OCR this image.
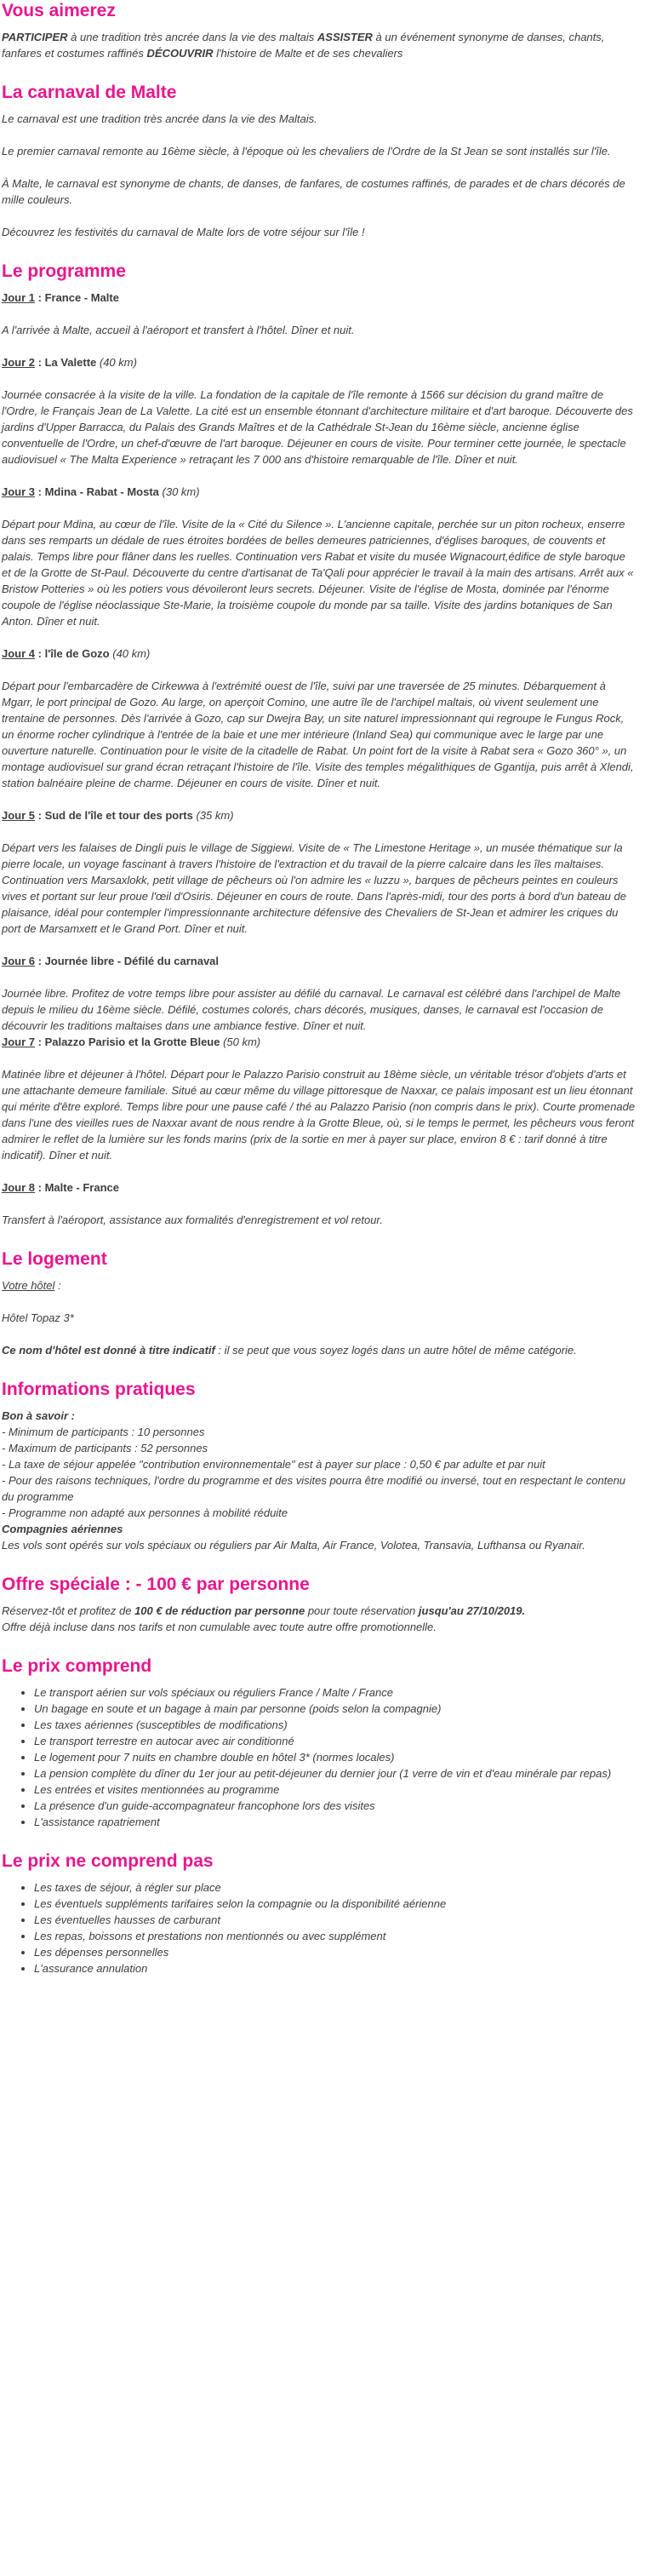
Vous aimerez

PARTICIPER à une tradition très ancrée dans la vie des maltais ASSISTER à un événement synonyme de danses, chants, fanfares et costumes raffinés DÉCOUVRIR l'histoire de Malte et de ses chevaliers

La carnaval de Malte

Le carnaval est une tradition très ancrée dans la vie des Maltais.

Le premier carnaval remonte au 16ème siècle, à l'époque où les chevaliers de l'Ordre de la St Jean se sont installés sur l'île.

À Malte, le carnaval est synonyme de chants, de danses, de fanfares, de costumes raffinés, de parades et de chars décorés de mille couleurs.

Découvrez les festivités du carnaval de Malte lors de votre séjour sur l'île !

Le programme

Jour 1 : France - Malte

A l'arrivée à Malte, accueil à l'aéroport et transfert à l'hôtel. Dîner et nuit.

Jour 2 : La Valette (40 km)

Journée consacrée à la visite de la ville. La fondation de la capitale de l'île remonte à 1566 sur décision du grand maître de l'Ordre, le Français Jean de La Valette. La cité est un ensemble étonnant d'architecture militaire et d'art baroque. Découverte des jardins d'Upper Barracca, du Palais des Grands Maîtres et de la Cathédrale St-Jean du 16ème siècle, ancienne église conventuelle de l'Ordre, un chef-d'œuvre de l'art baroque. Déjeuner en cours de visite. Pour terminer cette journée, le spectacle audiovisuel « The Malta Experience » retraçant les 7 000 ans d'histoire remarquable de l'île. Dîner et nuit.

Jour 3 : Mdina - Rabat - Mosta (30 km)

Départ pour Mdina, au cœur de l'île. Visite de la « Cité du Silence ». L'ancienne capitale, perchée sur un piton rocheux, enserre dans ses remparts un dédale de rues étroites bordées de belles demeures patriciennes, d'églises baroques, de couvents et palais. Temps libre pour flâner dans les ruelles. Continuation vers Rabat et visite du musée Wignacourt,édifice de style baroque et de la Grotte de St-Paul. Découverte du centre d'artisanat de Ta'Qali pour apprécier le travail à la main des artisans. Arrêt aux « Bristow Potteries » où les potiers vous dévoileront leurs secrets. Déjeuner. Visite de l'église de Mosta, dominée par l'énorme coupole de l'église néoclassique Ste-Marie, la troisième coupole du monde par sa taille. Visite des jardins botaniques de San Anton. Dîner et nuit.

Jour 4 : l'île de Gozo (40 km)

Départ pour l'embarcadère de Cirkewwa à l'extrémité ouest de l'île, suivi par une traversée de 25 minutes. Débarquement à Mgarr, le port principal de Gozo. Au large, on aperçoit Comino, une autre île de l'archipel maltais, où vivent seulement une trentaine de personnes. Dès l'arrivée à Gozo, cap sur Dwejra Bay, un site naturel impressionnant qui regroupe le Fungus Rock, un énorme rocher cylindrique à l'entrée de la baie et une mer intérieure (Inland Sea) qui communique avec le large par une ouverture naturelle. Continuation pour le visite de la citadelle de Rabat. Un point fort de la visite à Rabat sera « Gozo 360° », un montage audiovisuel sur grand écran retraçant l'histoire de l'île. Visite des temples mégalithiques de Ggantija, puis arrêt à Xlendi, station balnéaire pleine de charme. Déjeuner en cours de visite. Dîner et nuit.

Jour 5 : Sud de l'île et tour des ports (35 km)

Départ vers les falaises de Dingli puis le village de Siggiewi. Visite de « The Limestone Heritage », un musée thématique sur la pierre locale, un voyage fascinant à travers l'histoire de l'extraction et du travail de la pierre calcaire dans les îles maltaises. Continuation vers Marsaxlokk, petit village de pêcheurs où l'on admire les « luzzu », barques de pêcheurs peintes en couleurs vives et portant sur leur proue l'œil d'Osiris. Déjeuner en cours de route. Dans l'après-midi, tour des ports à bord d'un bateau de plaisance, idéal pour contempler l'impressionnante architecture défensive des Chevaliers de St-Jean et admirer les criques du port de Marsamxett et le Grand Port. Dîner et nuit.

Jour 6 : Journée libre - Défilé du carnaval

Journée libre. Profitez de votre temps libre pour assister au défilé du carnaval. Le carnaval est célébré dans l'archipel de Malte depuis le milieu du 16ème siècle. Défilé, costumes colorés, chars décorés, musiques, danses, le carnaval est l'occasion de découvrir les traditions maltaises dans une ambiance festive. Dîner et nuit.

Jour 7 : Palazzo Parisio et la Grotte Bleue (50 km)

Matinée libre et déjeuner à l'hôtel. Départ pour le Palazzo Parisio construit au 18ème siècle, un véritable trésor d'objets d'arts et une attachante demeure familiale. Situé au cœur même du village pittoresque de Naxxar, ce palais imposant est un lieu étonnant qui mérite d'être exploré. Temps libre pour une pause café / thé au Palazzo Parisio (non compris dans le prix). Courte promenade dans l'une des vieilles rues de Naxxar avant de nous rendre à la Grotte Bleue, où, si le temps le permet, les pêcheurs vous feront admirer le reflet de la lumière sur les fonds marins (prix de la sortie en mer à payer sur place, environ 8 € : tarif donné à titre indicatif). Dîner et nuit.

Jour 8 : Malte - France

Transfert à l'aéroport, assistance aux formalités d'enregistrement et vol retour.

Le logement

Votre hôtel :

Hôtel Topaz 3*

Ce nom d'hôtel est donné à titre indicatif : il se peut que vous soyez logés dans un autre hôtel de même catégorie.

Informations pratiques

Bon à savoir :

- Minimum de participants : 10 personnes

- Maximum de participants : 52 personnes

- La taxe de séjour appelée "contribution environnementale" est à payer sur place : 0,50 € par adulte et par nuit

- Pour des raisons techniques, l'ordre du programme et des visites pourra être modifié ou inversé, tout en respectant le contenu du programme

- Programme non adapté aux personnes à mobilité réduite

Compagnies aériennes

Les vols sont opérés sur vols spéciaux ou réguliers par Air Malta, Air France, Volotea, Transavia, Lufthansa ou Ryanair.

Offre spéciale : - 100 € par personne

Réservez-tôt et profitez de 100 € de réduction par personne pour toute réservation jusqu'au 27/10/2019.

Offre déjà incluse dans nos tarifs et non cumulable avec toute autre offre promotionnelle.

Le prix comprend
• Le transport aérien sur vols spéciaux ou réguliers France / Malte / France
• Un bagage en soute et un bagage à main par personne (poids selon la compagnie)
• Les taxes aériennes (susceptibles de modifications)
• Le transport terrestre en autocar avec air conditionné
• Le logement pour 7 nuits en chambre double en hôtel 3* (normes locales)
• La pension complète du dîner du 1er jour au petit-déjeuner du dernier jour (1 verre de vin et d'eau minérale par repas)
• Les entrées et visites mentionnées au programme
• La présence d'un guide-accompagnateur francophone lors des visites
• L'assistance rapatriement
Le prix ne comprend pas
• Les taxes de séjour, à régler sur place
• Les éventuels suppléments tarifaires selon la compagnie ou la disponibilité aérienne
• Les éventuelles hausses de carburant
• Les repas, boissons et prestations non mentionnés ou avec supplément
• Les dépenses personnelles
• L'assurance annulation
